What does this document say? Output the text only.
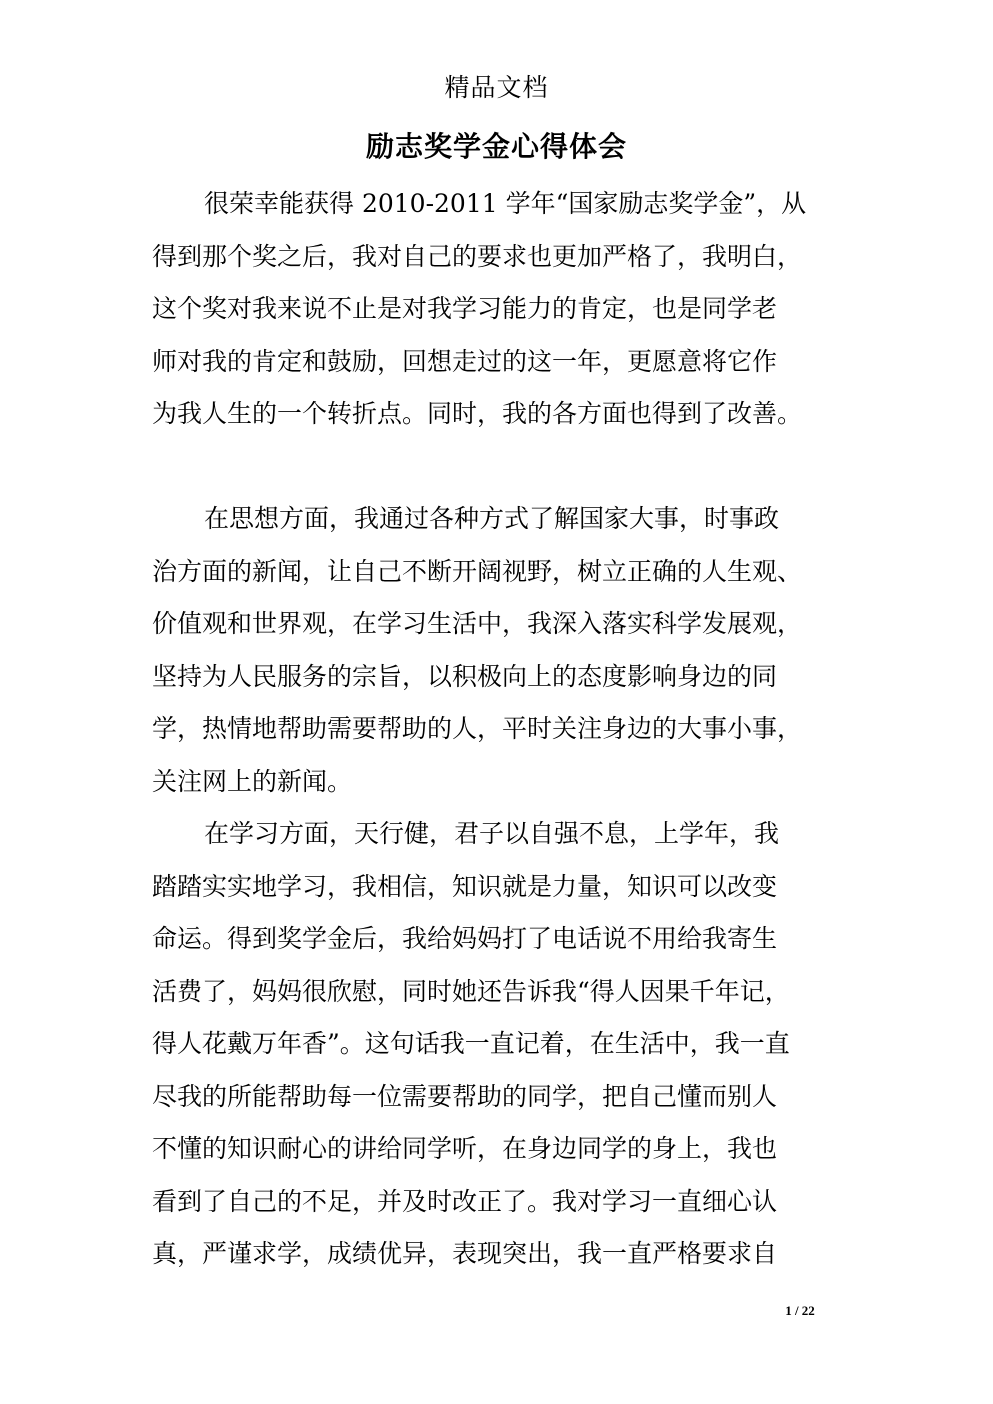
精品文档
励志奖学金心得体会
很荣幸能获得 2010-2011 学年“国家励志奖学金”，从
得到那个奖之后，我对自己的要求也更加严格了，我明白，
这个奖对我来说不止是对我学习能力的肯定，也是同学老
师对我的肯定和鼓励，回想走过的这一年，更愿意将它作
为我人生的一个转折点。同时，我的各方面也得到了改善。
在思想方面，我通过各种方式了解国家大事，时事政
治方面的新闻，让自己不断开阔视野，树立正确的人生观、
价值观和世界观，在学习生活中，我深入落实科学发展观，
坚持为人民服务的宗旨，以积极向上的态度影响身边的同
学，热情地帮助需要帮助的人，平时关注身边的大事小事，
关注网上的新闻。
在学习方面，天行健，君子以自强不息，上学年，我
踏踏实实地学习，我相信，知识就是力量，知识可以改变
命运。得到奖学金后，我给妈妈打了电话说不用给我寄生
活费了，妈妈很欣慰，同时她还告诉我“得人因果千年记，
得人花戴万年香”。这句话我一直记着，在生活中，我一直
尽我的所能帮助每一位需要帮助的同学，把自己懂而别人
不懂的知识耐心的讲给同学听，在身边同学的身上，我也
看到了自己的不足，并及时改正了。我对学习一直细心认
真，严谨求学，成绩优异，表现突出，我一直严格要求自
1 / 22
